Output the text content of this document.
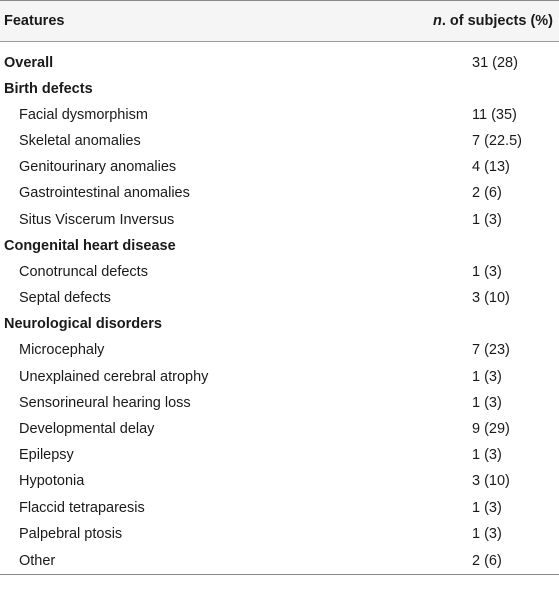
Features	n. of subjects (%)
Overall	31 (28)
Birth defects	
Facial dysmorphism	11 (35)
Skeletal anomalies	7 (22.5)
Genitourinary anomalies	4 (13)
Gastrointestinal anomalies	2 (6)
Situs Viscerum Inversus	1 (3)
Congenital heart disease	
Conotruncal defects	1 (3)
Septal defects	3 (10)
Neurological disorders	
Microcephaly	7 (23)
Unexplained cerebral atrophy	1 (3)
Sensorineural hearing loss	1 (3)
Developmental delay	9 (29)
Epilepsy	1 (3)
Hypotonia	3 (10)
Flaccid tetraparesis	1 (3)
Palpebral ptosis	1 (3)
Other	2 (6)
